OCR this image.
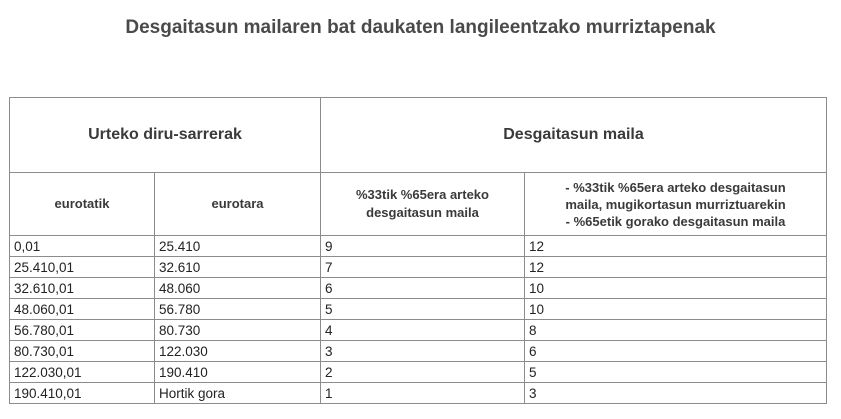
Desgaitasun mailaren bat daukaten langileentzako murriztapenak
Urteko diru-sarrerak		Desgaitasun maila	
eurotatik	eurotara	%33tik %65era arteko desgaitasun maila	- %33tik %65era arteko desgaitasun
maila, mugikortasun murriztuarekin
- %65etik gorako desgaitasun maila

0,01	25.410	9	12
25.410,01	32.610	7	12
32.610,01	48.060	6	10
48.060,01	56.780	5	10
56.780,01	80.730	4	8
80.730,01	122.030	3	6
122.030,01	190.410	2	5
190.410,01	Hortik gora	1	3
